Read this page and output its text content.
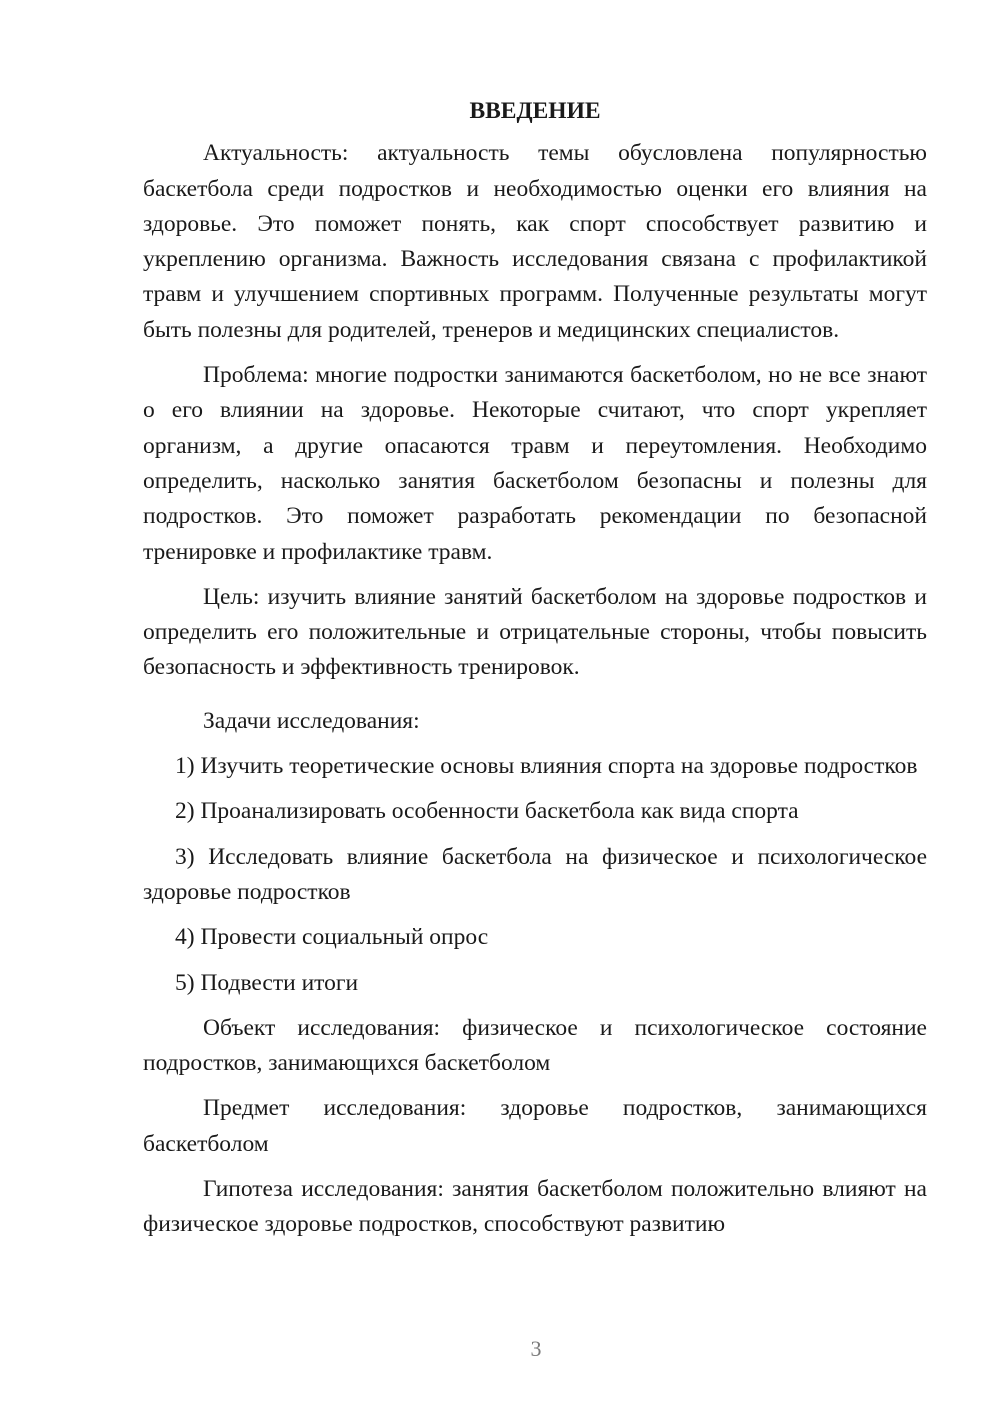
ВВЕДЕНИЕ

Актуальность: актуальность темы обусловлена популярностью баскетбола среди подростков и необходимостью оценки его влияния на здоровье. Это поможет понять, как спорт способствует развитию и укреплению организма. Важность исследования связана с профилактикой травм и улучшением спортивных программ. Полученные результаты могут быть полезны для родителей, тренеров и медицинских специалистов.

Проблема: многие подростки занимаются баскетболом, но не все знают о его влиянии на здоровье. Некоторые считают, что спорт укрепляет организм, а другие опасаются травм и переутомления. Необходимо определить, насколько занятия баскетболом безопасны и полезны для подростков. Это поможет разработать рекомендации по безопасной тренировке и профилактике травм.

Цель: изучить влияние занятий баскетболом на здоровье подростков и определить его положительные и отрицательные стороны, чтобы повысить безопасность и эффективность тренировок.

Задачи исследования:

1) Изучить теоретические основы влияния спорта на здоровье подростков

2) Проанализировать особенности баскетбола как вида спорта

3) Исследовать влияние баскетбола на физическое и психологическое здоровье подростков

4) Провести социальный опрос

5) Подвести итоги

Объект исследования: физическое и психологическое состояние подростков, занимающихся баскетболом

Предмет исследования: здоровье подростков, занимающихся баскетболом

Гипотеза исследования: занятия баскетболом положительно влияют на физическое здоровье подростков, способствуют развитию

3
